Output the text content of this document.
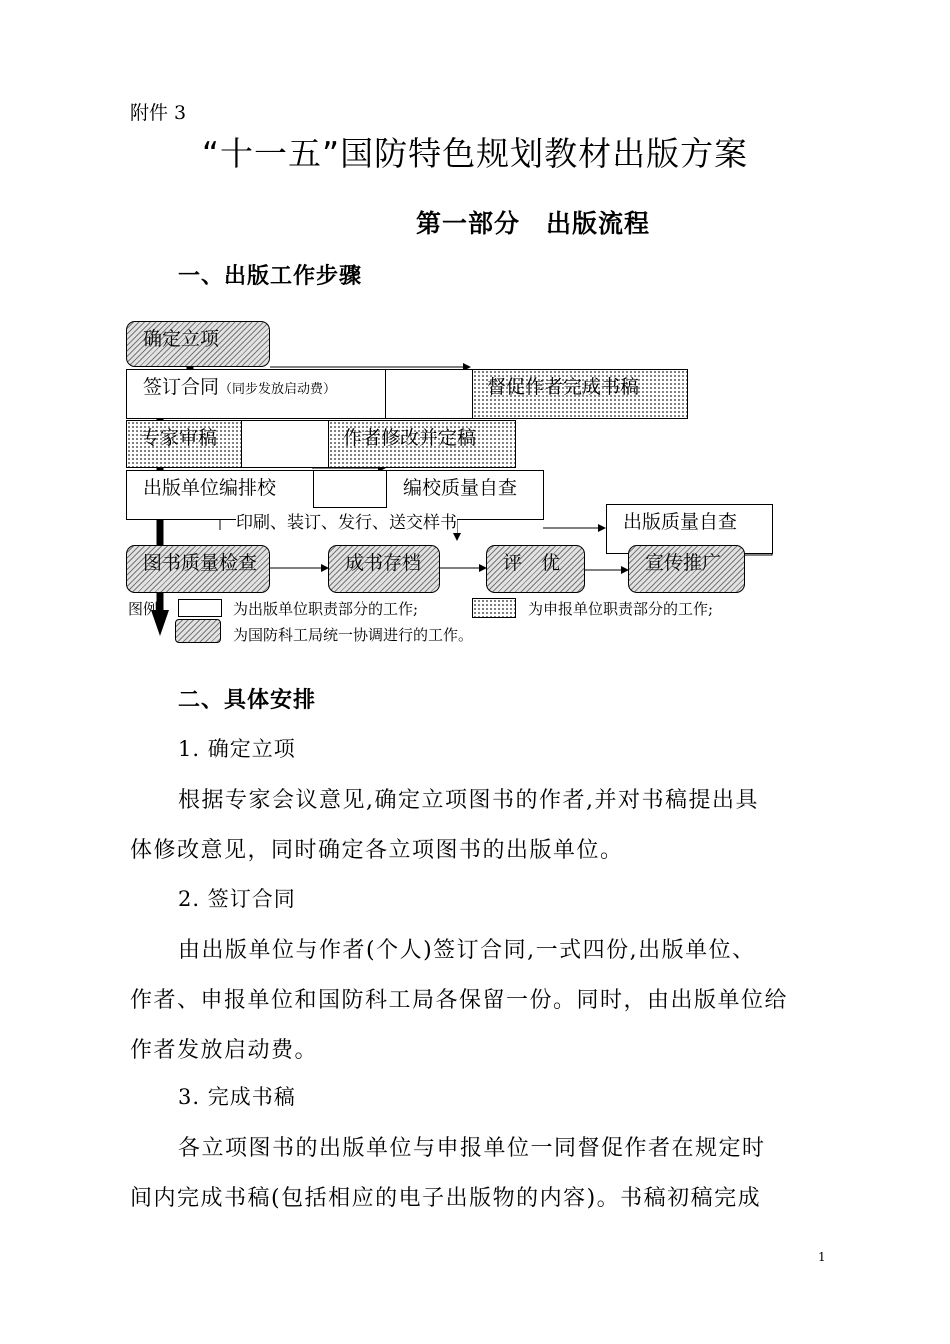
附件 3
“十一五”国防特色规划教材出版方案
第一部分　出版流程
一、出版工作步骤
确定立项
签订合同（同步发放启动费）	督促作者完成书稿
专家审稿	作者修改并定稿
出版单位编排校	编校质量自查
印刷、装订、发行、送交样书	出版质量自查
图书质量检查	成书存档	评　优	宣传推广
图例:	为出版单位职责部分的工作;	为申报单位职责部分的工作;
为国防科工局统一协调进行的工作。
二、具体安排
1. 确定立项
根据专家会议意见,确定立项图书的作者,并对书稿提出具
体修改意见，同时确定各立项图书的出版单位。
2. 签订合同
由出版单位与作者(个人)签订合同,一式四份,出版单位、
作者、申报单位和国防科工局各保留一份。同时，由出版单位给
作者发放启动费。
3. 完成书稿
各立项图书的出版单位与申报单位一同督促作者在规定时
间内完成书稿(包括相应的电子出版物的内容)。书稿初稿完成
1
